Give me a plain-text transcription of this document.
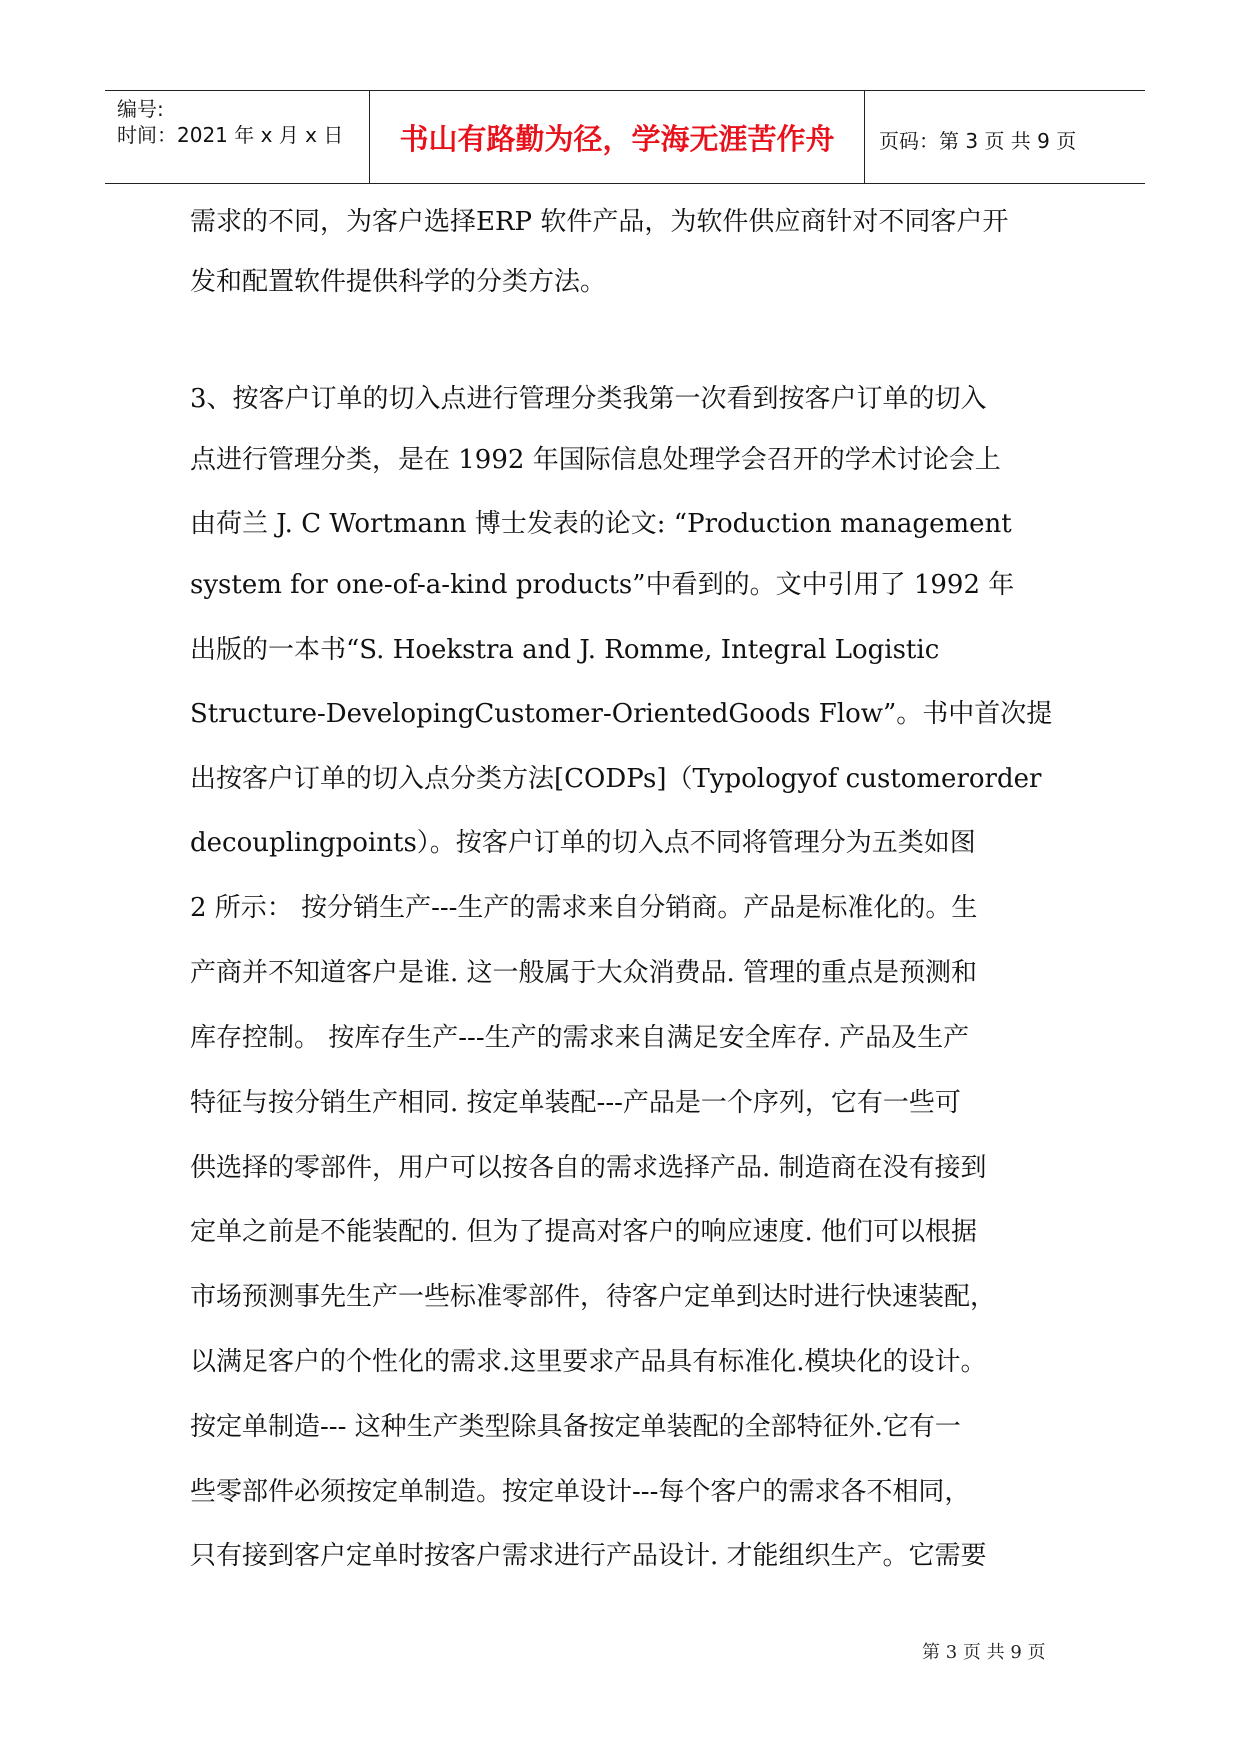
编号:
时间：2021 年 x 月 x 日	书山有路勤为径，学海无涯苦作舟	页码：第 3 页 共 9 页
需求的不同，为客户选择ERP 软件产品，为软件供应商针对不同客户开
发和配置软件提供科学的分类方法。
3、按客户订单的切入点进行管理分类我第一次看到按客户订单的切入
点进行管理分类，是在 1992 年国际信息处理学会召开的学术讨论会上
由荷兰 J. C Wortmann 博士发表的论文: “Production management
system for one-of-a-kind products”中看到的。文中引用了 1992 年
出版的一本书“S. Hoekstra and J. Romme, Integral Logistic
Structure-DevelopingCustomer-OrientedGoods Flow”。书中首次提
出按客户订单的切入点分类方法[CODPs]（Typologyof customerorder
decouplingpoints）。按客户订单的切入点不同将管理分为五类如图
2 所示： 按分销生产---生产的需求来自分销商。产品是标准化的。生
产商并不知道客户是谁. 这一般属于大众消费品. 管理的重点是预测和
库存控制。 按库存生产---生产的需求来自满足安全库存. 产品及生产
特征与按分销生产相同. 按定单装配---产品是一个序列，它有一些可
供选择的零部件，用户可以按各自的需求选择产品. 制造商在没有接到
定单之前是不能装配的. 但为了提高对客户的响应速度. 他们可以根据
市场预测事先生产一些标准零部件，待客户定单到达时进行快速装配，
以满足客户的个性化的需求.这里要求产品具有标准化.模块化的设计。
按定单制造--- 这种生产类型除具备按定单装配的全部特征外.它有一
些零部件必须按定单制造。按定单设计---每个客户的需求各不相同，
只有接到客户定单时按客户需求进行产品设计. 才能组织生产。它需要
第 3 页 共 9 页
